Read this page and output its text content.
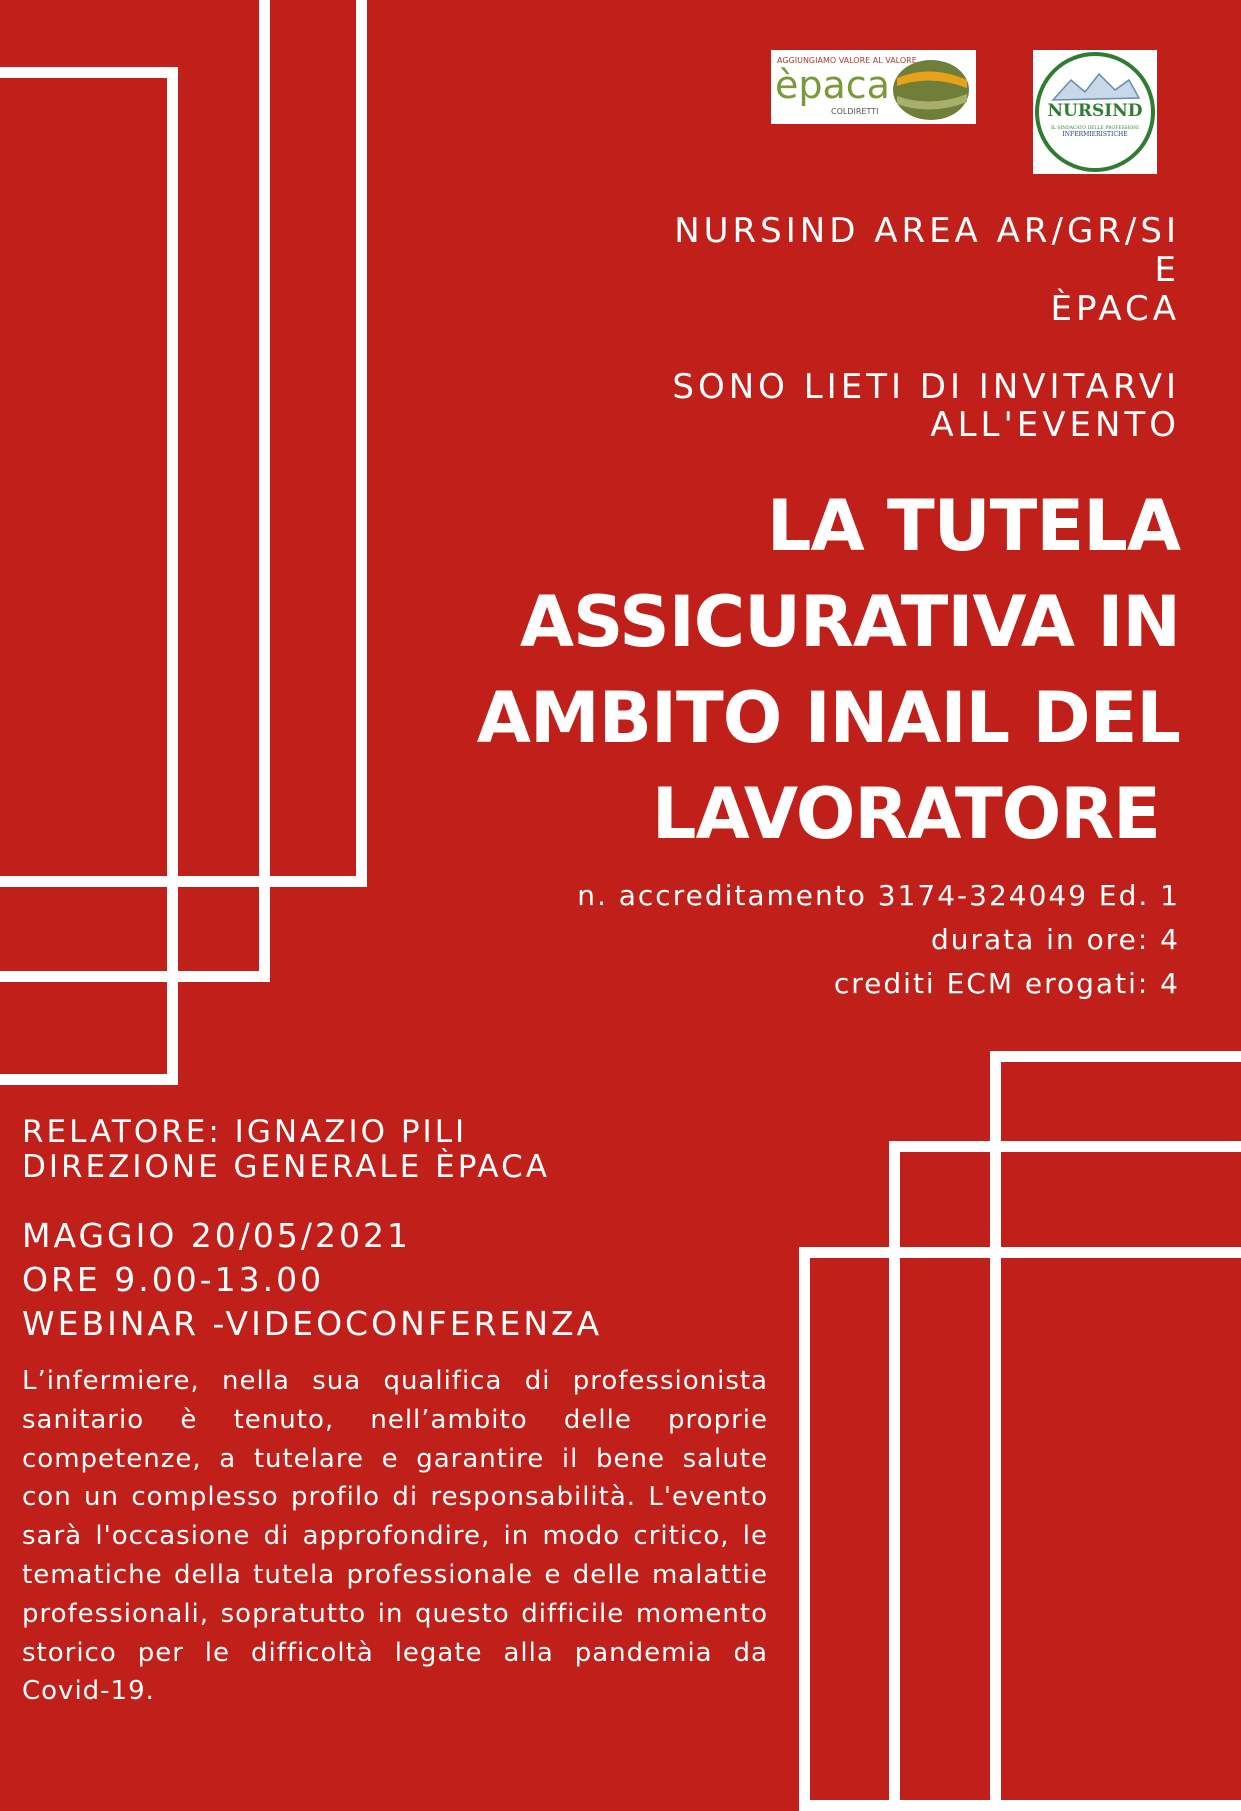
AGGIUNGIAMO VALORE AL VALORE
èpaca
COLDIRETTI	NURSIND
IL SINDACATO DELLE PROFESSIONI
INFERMIERISTICHE
NURSIND AREA AR/GR/SI
E
ÈPACA
SONO LIETI DI INVITARVI
ALL'EVENTO
LA TUTELA
ASSICURATIVA IN
AMBITO INAIL DEL
LAVORATORE
n. accreditamento 3174-324049 Ed. 1
durata in ore: 4
crediti ECM erogati: 4
RELATORE: IGNAZIO PILI
DIREZIONE GENERALE ÈPACA
MAGGIO 20/05/2021
ORE 9.00-13.00
WEBINAR -VIDEOCONFERENZA
L’infermiere, nella sua qualifica di professionista sanitario è tenuto, nell’ambito delle proprie competenze, a tutelare e garantire il bene salute con un complesso profilo di responsabilità. L'evento sarà l'occasione di approfondire, in modo critico, le tematiche della tutela professionale e delle malattie professionali, sopratutto in questo difficile momento storico per le difficoltà legate alla pandemia da Covid-19.
